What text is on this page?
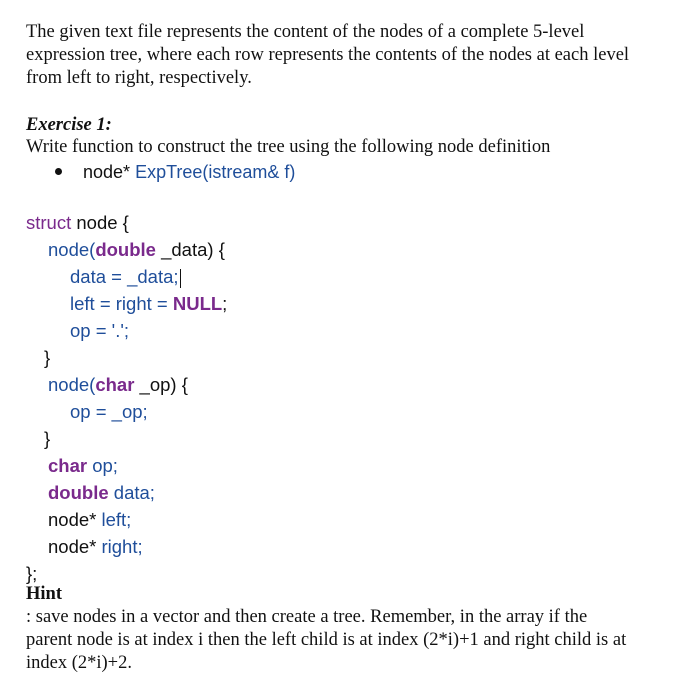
The given text file represents the content of the nodes of a complete 5-level
expression tree, where each row represents the contents of the nodes at each level
from left to right, respectively.
Exercise 1:
Write function to construct the tree using the following node definition
node* ExpTree(istream& f)
struct node {
node(double _data) {
data = _data;
left = right = NULL;
op = '.';
}
node(char _op) {
op = _op;
}
char op;
double data;
node* left;
node* right;
};
Hint
: save nodes in a vector and then create a tree. Remember, in the array if the
parent node is at index i then the left child is at index (2*i)+1 and right child is at
index (2*i)+2.
